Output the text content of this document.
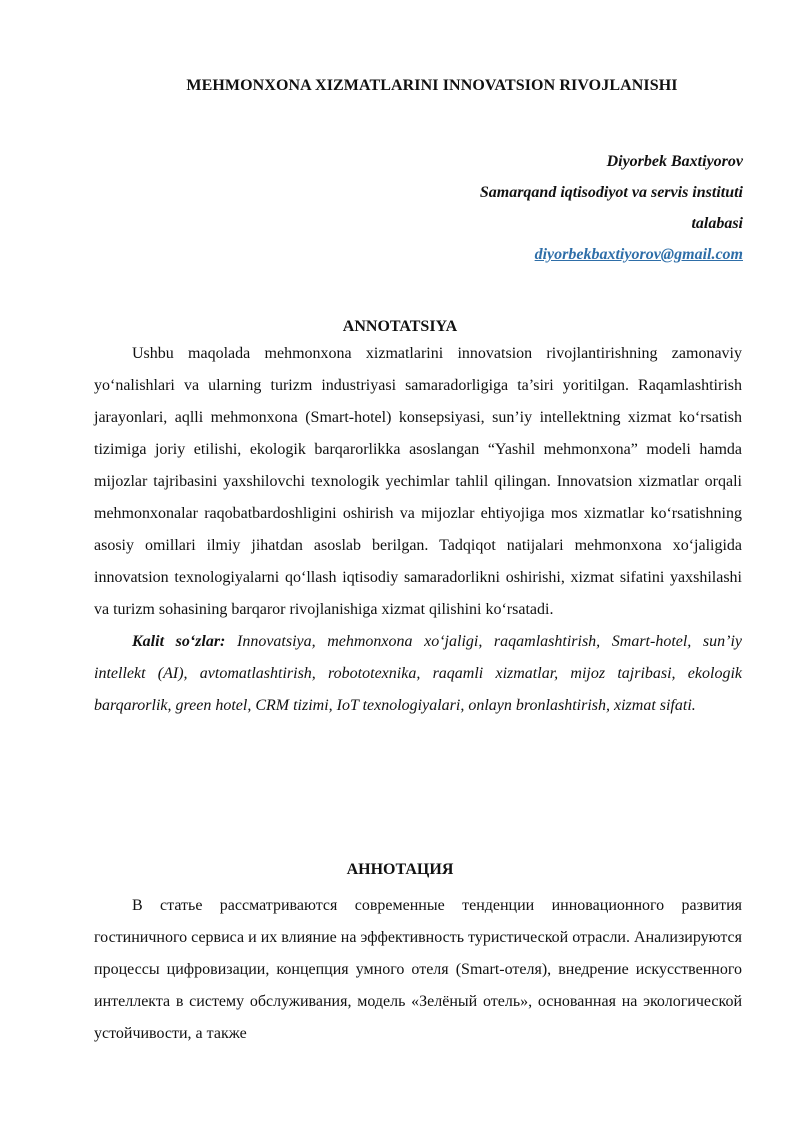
MEHMONXONA XIZMATLARINI INNOVATSION RIVOJLANISHI
Diyorbek Baxtiyorov
Samarqand iqtisodiyot va servis instituti
talabasi
diyorbekbaxtiyorov@gmail.com
ANNOTATSIYA

Ushbu maqolada mehmonxona xizmatlarini innovatsion rivojlantirishning zamonaviy yo‘nalishlari va ularning turizm industriyasi samaradorligiga ta’siri yoritilgan. Raqamlashtirish jarayonlari, aqlli mehmonxona (Smart-hotel) konsepsiyasi, sun’iy intellektning xizmat ko‘rsatish tizimiga joriy etilishi, ekologik barqarorlikka asoslangan “Yashil mehmonxona” modeli hamda mijozlar tajribasini yaxshilovchi texnologik yechimlar tahlil qilingan. Innovatsion xizmatlar orqali mehmonxonalar raqobatbardoshligini oshirish va mijozlar ehtiyojiga mos xizmatlar ko‘rsatishning asosiy omillari ilmiy jihatdan asoslab berilgan. Tadqiqot natijalari mehmonxona xo‘jaligida innovatsion texnologiyalarni qo‘llash iqtisodiy samaradorlikni oshirishi, xizmat sifatini yaxshilashi va turizm sohasining barqaror rivojlanishiga xizmat qilishini ko‘rsatadi.

Kalit so‘zlar: Innovatsiya, mehmonxona xo‘jaligi, raqamlashtirish, Smart-hotel, sun’iy intellekt (AI), avtomatlashtirish, robototexnika, raqamli xizmatlar, mijoz tajribasi, ekologik barqarorlik, green hotel, CRM tizimi, IoT texnologiyalari, onlayn bronlashtirish, xizmat sifati.

АННОТАЦИЯ

В статье рассматриваются современные тенденции инновационного развития гостиничного сервиса и их влияние на эффективность туристической отрасли. Анализируются процессы цифровизации, концепция умного отеля (Smart-отеля), внедрение искусственного интеллекта в систему обслуживания, модель «Зелёный отель», основанная на экологической устойчивости, а также
